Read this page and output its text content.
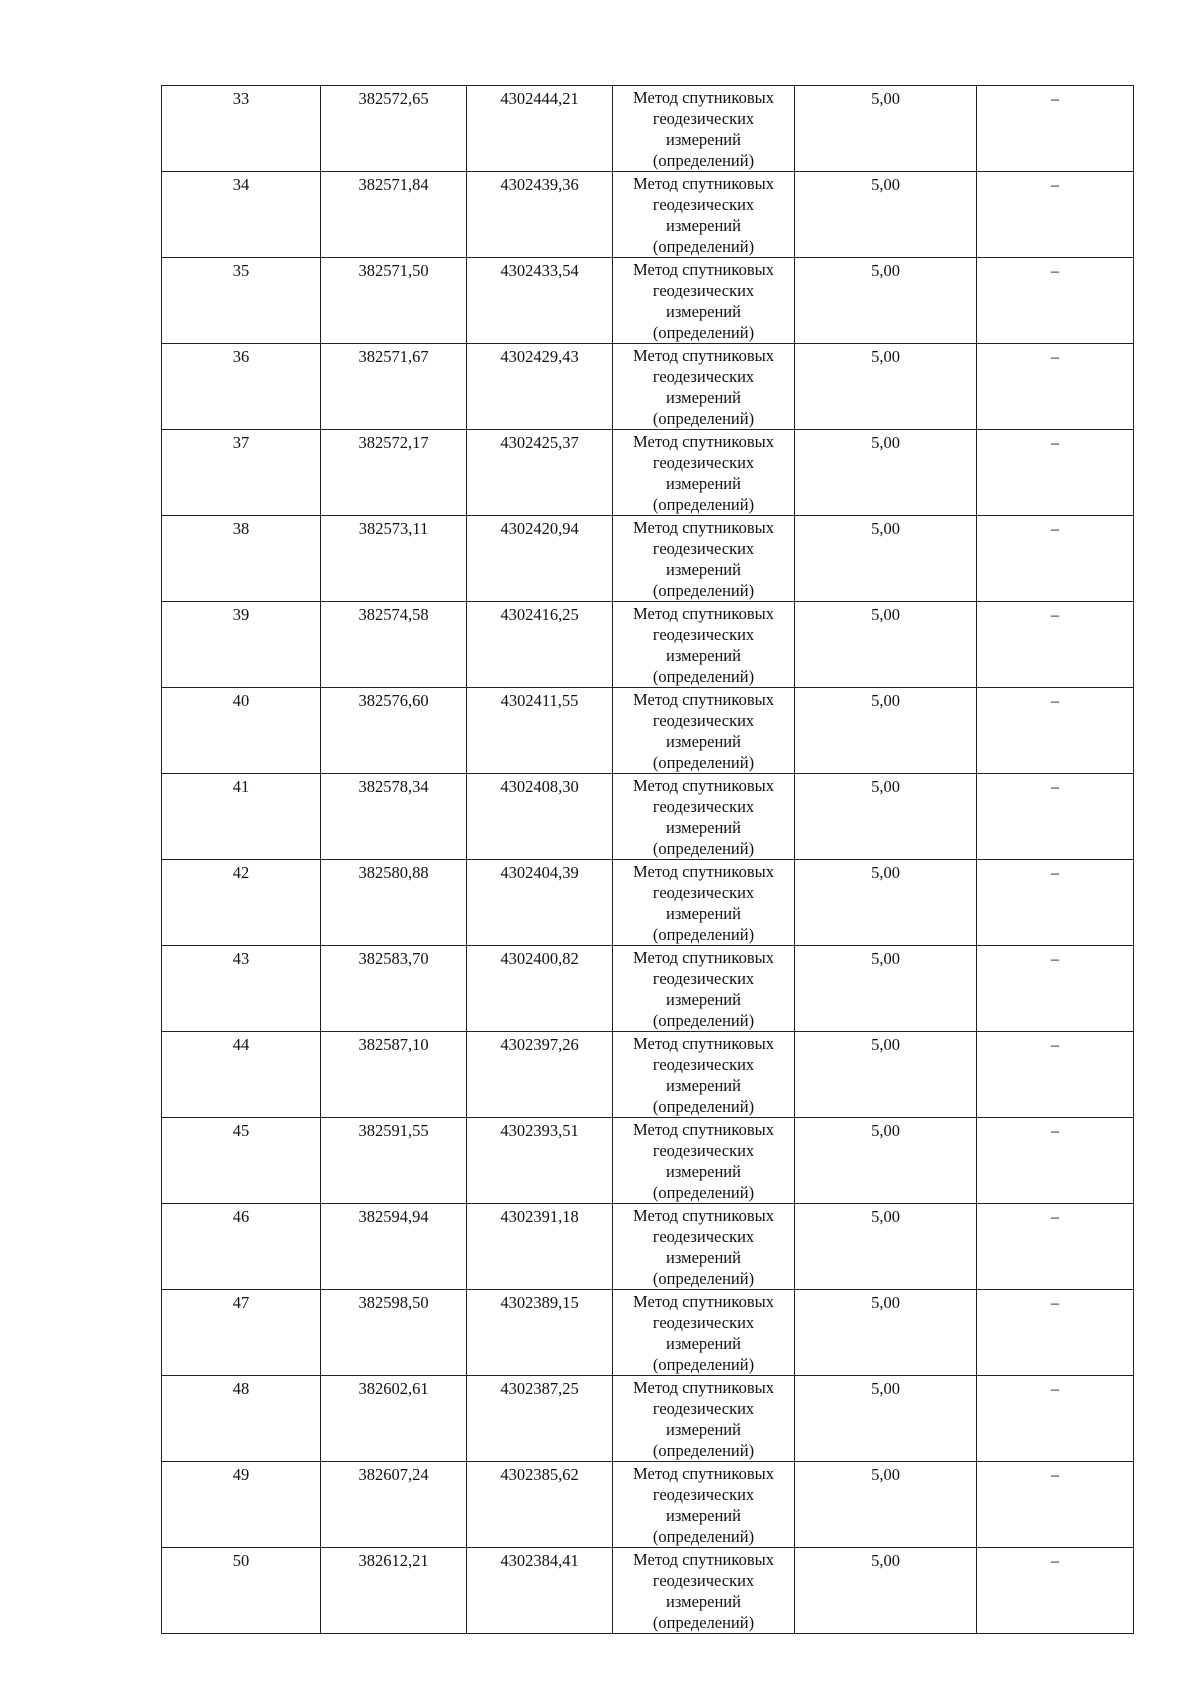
33	382572,65	4302444,21	Метод спутниковых
геодезических
измерений
(определений)	5,00	–

34	382571,84	4302439,36	Метод спутниковых
геодезических
измерений
(определений)	5,00	–

35	382571,50	4302433,54	Метод спутниковых
геодезических
измерений
(определений)	5,00	–

36	382571,67	4302429,43	Метод спутниковых
геодезических
измерений
(определений)	5,00	–

37	382572,17	4302425,37	Метод спутниковых
геодезических
измерений
(определений)	5,00	–

38	382573,11	4302420,94	Метод спутниковых
геодезических
измерений
(определений)	5,00	–

39	382574,58	4302416,25	Метод спутниковых
геодезических
измерений
(определений)	5,00	–

40	382576,60	4302411,55	Метод спутниковых
геодезических
измерений
(определений)	5,00	–

41	382578,34	4302408,30	Метод спутниковых
геодезических
измерений
(определений)	5,00	–

42	382580,88	4302404,39	Метод спутниковых
геодезических
измерений
(определений)	5,00	–

43	382583,70	4302400,82	Метод спутниковых
геодезических
измерений
(определений)	5,00	–

44	382587,10	4302397,26	Метод спутниковых
геодезических
измерений
(определений)	5,00	–

45	382591,55	4302393,51	Метод спутниковых
геодезических
измерений
(определений)	5,00	–

46	382594,94	4302391,18	Метод спутниковых
геодезических
измерений
(определений)	5,00	–

47	382598,50	4302389,15	Метод спутниковых
геодезических
измерений
(определений)	5,00	–

48	382602,61	4302387,25	Метод спутниковых
геодезических
измерений
(определений)	5,00	–

49	382607,24	4302385,62	Метод спутниковых
геодезических
измерений
(определений)	5,00	–

50	382612,21	4302384,41	Метод спутниковых
геодезических
измерений
(определений)	5,00	–
